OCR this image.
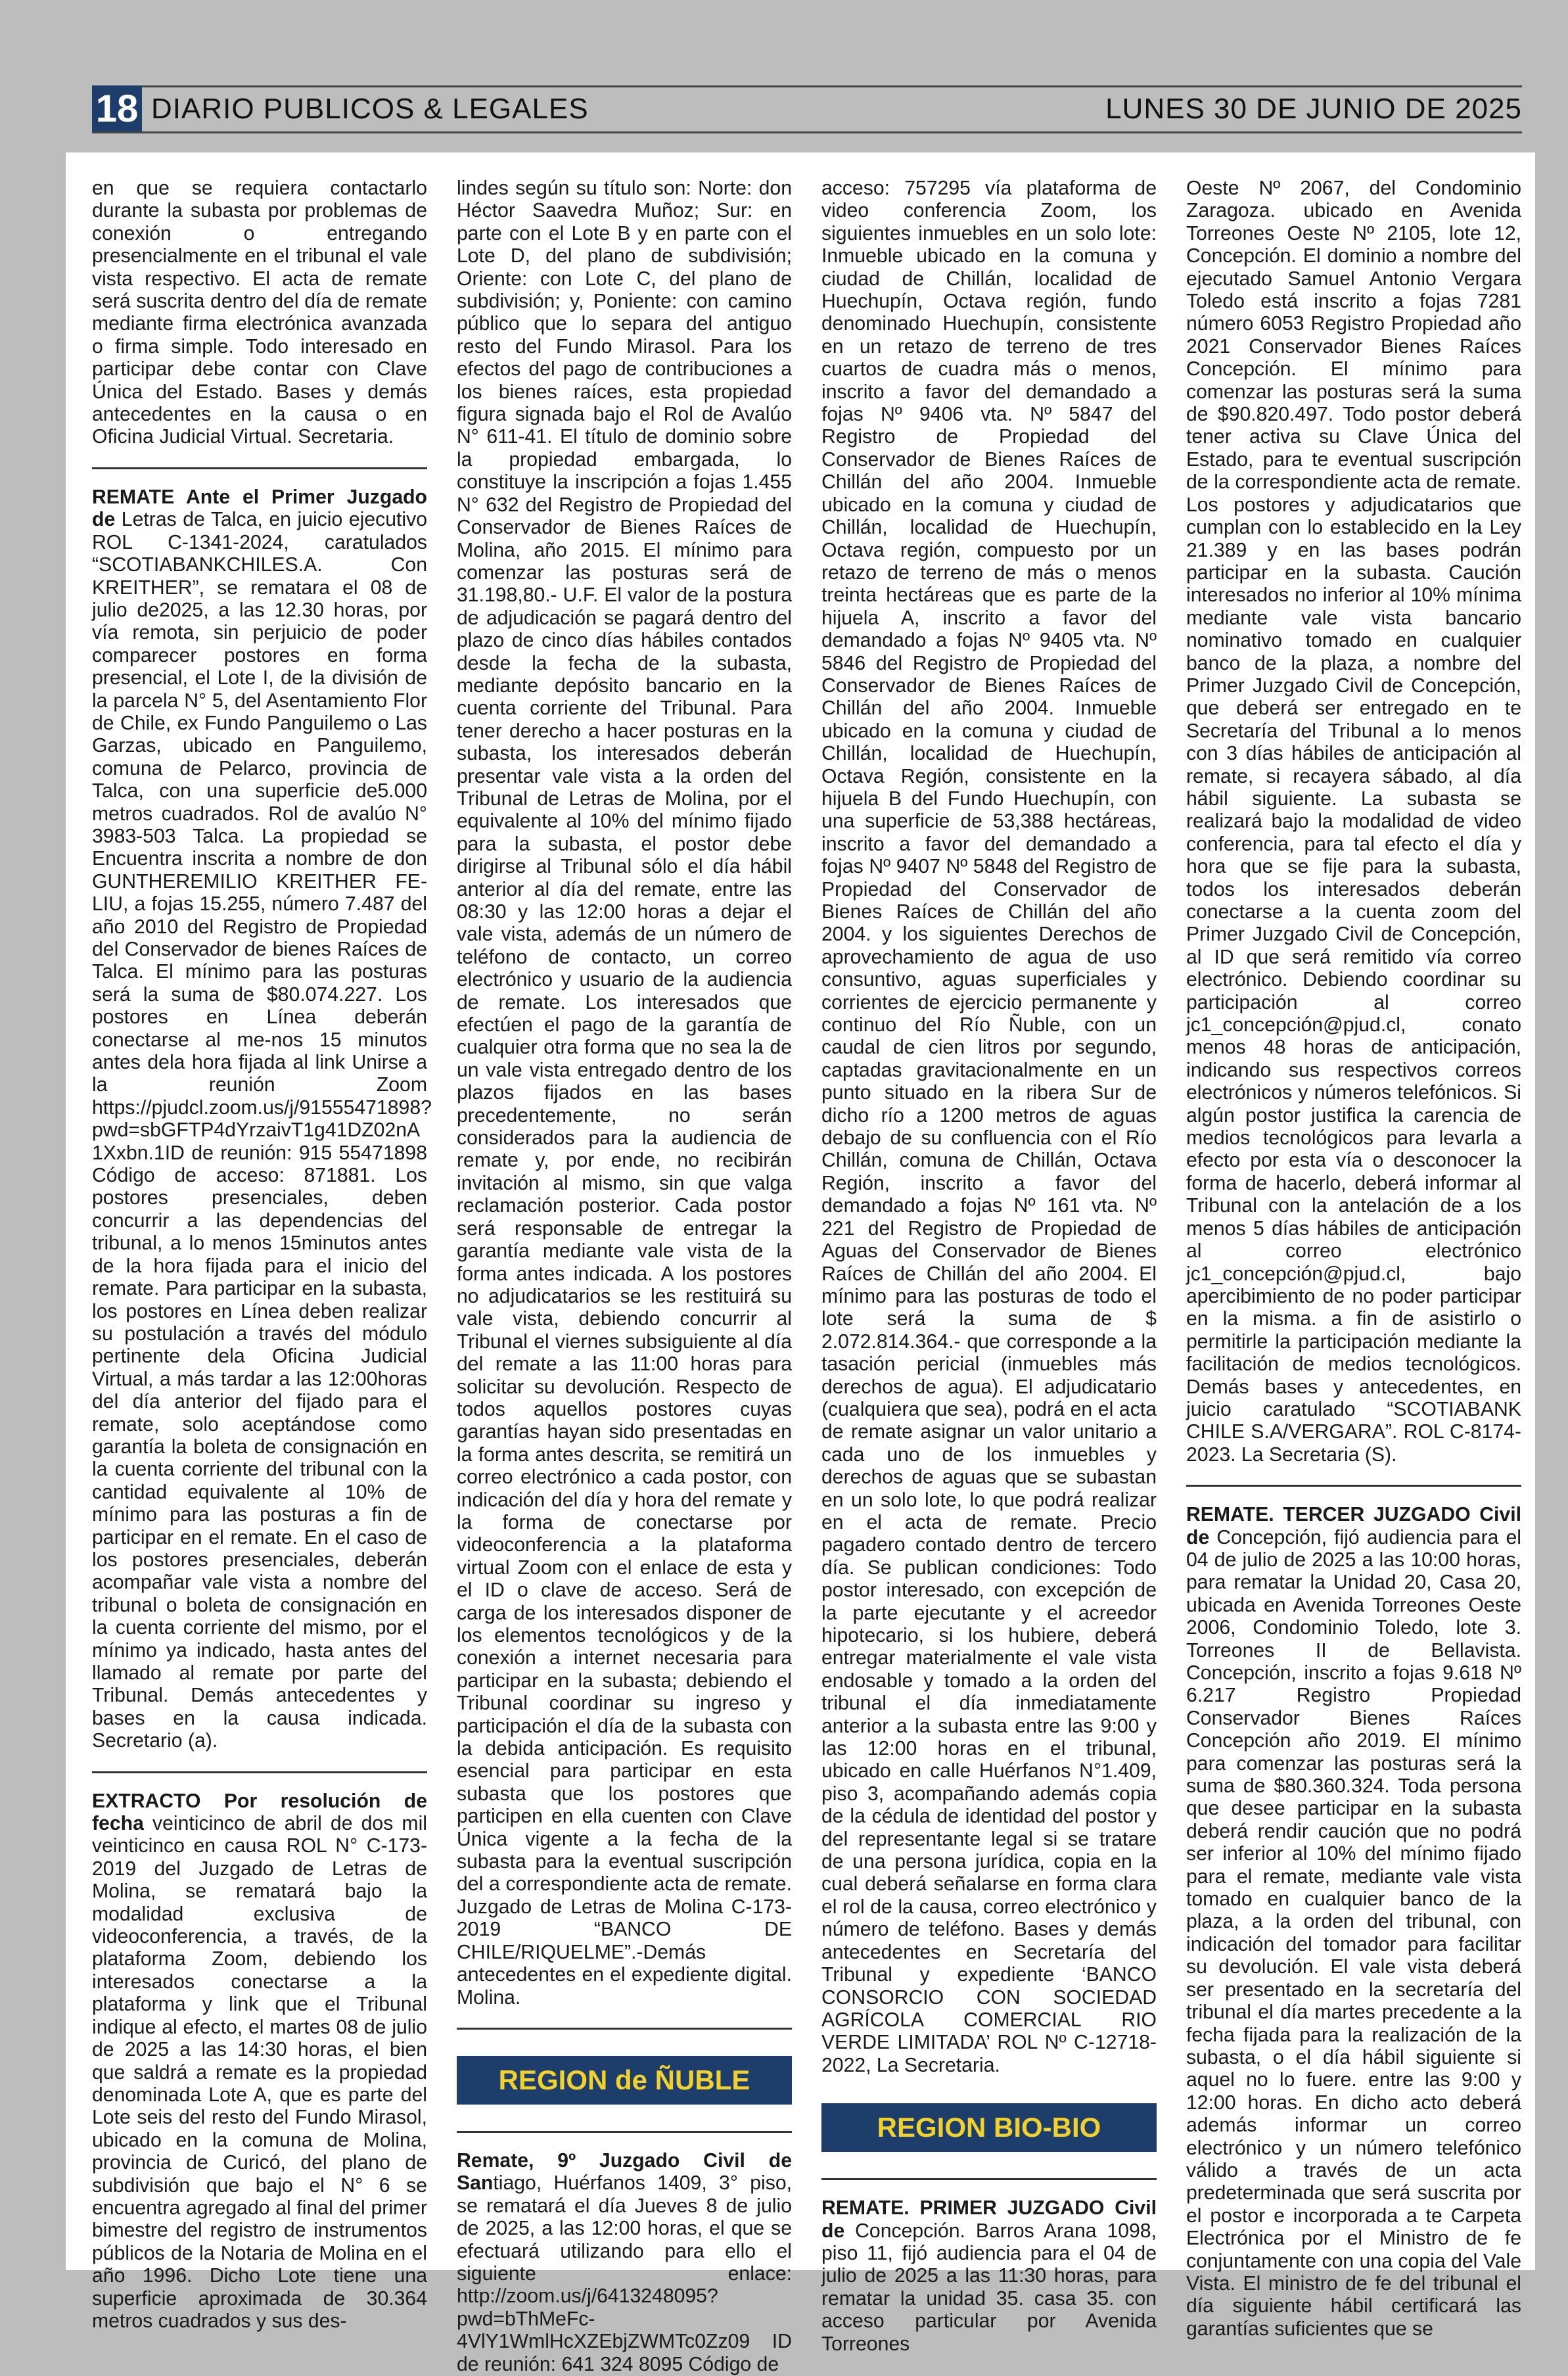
18 DIARIO PUBLICOS & LEGALES	LUNES 30 DE JUNIO DE 2025

en que se requiera contactarlo durante la subasta por problemas de conexión o entregando presencialmente en el tribunal el vale vista respectivo. El acta de remate será suscrita dentro del día de remate mediante firma electrónica avanzada o firma simple. Todo interesado en participar debe contar con Clave Única del Estado. Bases y demás antecedentes en la causa o en Oficina Judicial Virtual. Secretaria.

REMATE Ante el Primer Juzgado de Letras de Talca, en juicio ejecutivo ROL C-1341-2024, caratulados “SCOTIABANKCHILES.A. Con KREITHER”, se rematara el 08 de julio de2025, a las 12.30 horas, por vía remota, sin perjuicio de poder comparecer postores en forma presencial, el Lote I, de la división de la parcela N° 5, del Asentamiento Flor de Chile, ex Fundo Panguilemo o Las Garzas, ubicado en Panguilemo, comuna de Pelarco, provincia de Talca, con una superficie de5.000 metros cuadrados. Rol de avalúo N° 3983-503 Talca. La propiedad se Encuentra inscrita a nombre de don GUNTHEREMILIO KREITHER FE-LIU, a fojas 15.255, número 7.487 del año 2010 del Registro de Propiedad del Conservador de bienes Raíces de Talca. El mínimo para las posturas será la suma de $80.074.227. Los postores en Línea deberán conectarse al me-nos 15 minutos antes dela hora fijada al link Unirse a la reunión Zoom https://pjudcl.zoom.us/j/91555471898?pwd=sbGFTP4dYrzaivT1g41DZ02nA 1Xxbn.1ID de reunión: 915 55471898 Código de acceso: 871881. Los postores presenciales, deben concurrir a las dependencias del tribunal, a lo menos 15minutos antes de la hora fijada para el inicio del remate. Para participar en la subasta, los postores en Línea deben realizar su postulación a través del módulo pertinente dela Oficina Judicial Virtual, a más tardar a las 12:00horas del día anterior del fijado para el remate, solo aceptándose como garantía la boleta de consignación en la cuenta corriente del tribunal con la cantidad equivalente al 10% de mínimo para las posturas a fin de participar en el remate. En el caso de los postores presenciales, deberán acompañar vale vista a nombre del tribunal o boleta de consignación en la cuenta corriente del mismo, por el mínimo ya indicado, hasta antes del llamado al remate por parte del Tribunal. Demás antecedentes y bases en la causa indicada. Secretario (a).

EXTRACTO Por resolución de fecha veinticinco de abril de dos mil veinticinco en causa ROL N° C-173-2019 del Juzgado de Letras de Molina, se rematará bajo la modalidad exclusiva de videoconferencia, a través, de la plataforma Zoom, debiendo los interesados conectarse a la plataforma y link que el Tribunal indique al efecto, el martes 08 de julio de 2025 a las 14:30 horas, el bien que saldrá a remate es la propiedad denominada Lote A, que es parte del Lote seis del resto del Fundo Mirasol, ubicado en la comuna de Molina, provincia de Curicó, del plano de subdivisión que bajo el N° 6 se encuentra agregado al final del primer bimestre del registro de instrumentos públicos de la Notaria de Molina en el año 1996. Dicho Lote tiene una superficie aproximada de 30.364 metros cuadrados y sus des-

lindes según su título son: Norte: don Héctor Saavedra Muñoz; Sur: en parte con el Lote B y en parte con el Lote D, del plano de subdivisión; Oriente: con Lote C, del plano de subdivisión; y, Poniente: con camino público que lo separa del antiguo resto del Fundo Mirasol. Para los efectos del pago de contribuciones a los bienes raíces, esta propiedad figura signada bajo el Rol de Avalúo N° 611-41. El título de dominio sobre la propiedad embargada, lo constituye la inscripción a fojas 1.455 N° 632 del Registro de Propiedad del Conservador de Bienes Raíces de Molina, año 2015. El mínimo para comenzar las posturas será de 31.198,80.- U.F. El valor de la postura de adjudicación se pagará dentro del plazo de cinco días hábiles contados desde la fecha de la subasta, mediante depósito bancario en la cuenta corriente del Tribunal. Para tener derecho a hacer posturas en la subasta, los interesados deberán presentar vale vista a la orden del Tribunal de Letras de Molina, por el equivalente al 10% del mínimo fijado para la subasta, el postor debe dirigirse al Tribunal sólo el día hábil anterior al día del remate, entre las 08:30 y las 12:00 horas a dejar el vale vista, además de un número de teléfono de contacto, un correo electrónico y usuario de la audiencia de remate. Los interesados que efectúen el pago de la garantía de cualquier otra forma que no sea la de un vale vista entregado dentro de los plazos fijados en las bases precedentemente, no serán considerados para la audiencia de remate y, por ende, no recibirán invitación al mismo, sin que valga reclamación posterior. Cada postor será responsable de entregar la garantía mediante vale vista de la forma antes indicada. A los postores no adjudicatarios se les restituirá su vale vista, debiendo concurrir al Tribunal el viernes subsiguiente al día del remate a las 11:00 horas para solicitar su devolución. Respecto de todos aquellos postores cuyas garantías hayan sido presentadas en la forma antes descrita, se remitirá un correo electrónico a cada postor, con indicación del día y hora del remate y la forma de conectarse por videoconferencia a la plataforma virtual Zoom con el enlace de esta y el ID o clave de acceso. Será de carga de los interesados disponer de los elementos tecnológicos y de la conexión a internet necesaria para participar en la subasta; debiendo el Tribunal coordinar su ingreso y participación el día de la subasta con la debida anticipación. Es requisito esencial para participar en esta subasta que los postores que participen en ella cuenten con Clave Única vigente a la fecha de la subasta para la eventual suscripción del a correspondiente acta de remate. Juzgado de Letras de Molina C-173-2019 “BANCO DE CHILE/RIQUELME”.-Demás antecedentes en el expediente digital. Molina.

REGION de ÑUBLE

Remate, 9º Juzgado Civil de Santiago, Huérfanos 1409, 3° piso, se rematará el día Jueves 8 de julio de 2025, a las 12:00 horas, el que se efectuará utilizando para ello el siguiente enlace: http://zoom.us/j/6413248095?pwd=bThMeFc-4VlY1WmlHcXZEbjZWMTc0Zz09 ID de reunión: 641 324 8095 Código de

acceso: 757295 vía plataforma de video conferencia Zoom, los siguientes inmuebles en un solo lote: Inmueble ubicado en la comuna y ciudad de Chillán, localidad de Huechupín, Octava región, fundo denominado Huechupín, consistente en un retazo de terreno de tres cuartos de cuadra más o menos, inscrito a favor del demandado a fojas Nº 9406 vta. Nº 5847 del Registro de Propiedad del Conservador de Bienes Raíces de Chillán del año 2004. Inmueble ubicado en la comuna y ciudad de Chillán, localidad de Huechupín, Octava región, compuesto por un retazo de terreno de más o menos treinta hectáreas que es parte de la hijuela A, inscrito a favor del demandado a fojas Nº 9405 vta. Nº 5846 del Registro de Propiedad del Conservador de Bienes Raíces de Chillán del año 2004. Inmueble ubicado en la comuna y ciudad de Chillán, localidad de Huechupín, Octava Región, consistente en la hijuela B del Fundo Huechupín, con una superficie de 53,388 hectáreas, inscrito a favor del demandado a fojas Nº 9407 Nº 5848 del Registro de Propiedad del Conservador de Bienes Raíces de Chillán del año 2004. y los siguientes Derechos de aprovechamiento de agua de uso consuntivo, aguas superficiales y corrientes de ejercicio permanente y continuo del Río Ñuble, con un caudal de cien litros por segundo, captadas gravitacionalmente en un punto situado en la ribera Sur de dicho río a 1200 metros de aguas debajo de su confluencia con el Río Chillán, comuna de Chillán, Octava Región, inscrito a favor del demandado a fojas Nº 161 vta. Nº 221 del Registro de Propiedad de Aguas del Conservador de Bienes Raíces de Chillán del año 2004. El mínimo para las posturas de todo el lote será la suma de $ 2.072.814.364.- que corresponde a la tasación pericial (inmuebles más derechos de agua). El adjudicatario (cualquiera que sea), podrá en el acta de remate asignar un valor unitario a cada uno de los inmuebles y derechos de aguas que se subastan en un solo lote, lo que podrá realizar en el acta de remate. Precio pagadero contado dentro de tercero día. Se publican condiciones: Todo postor interesado, con excepción de la parte ejecutante y el acreedor hipotecario, si los hubiere, deberá entregar materialmente el vale vista endosable y tomado a la orden del tribunal el día inmediatamente anterior a la subasta entre las 9:00 y las 12:00 horas en el tribunal, ubicado en calle Huérfanos N°1.409, piso 3, acompañando además copia de la cédula de identidad del postor y del representante legal si se tratare de una persona jurídica, copia en la cual deberá señalarse en forma clara el rol de la causa, correo electrónico y número de teléfono. Bases y demás antecedentes en Secretaría del Tribunal y expediente ‘BANCO CONSORCIO CON SOCIEDAD AGRÍCOLA COMERCIAL RIO VERDE LIMITADA’ ROL Nº C-12718-2022, La Secretaria.

REGION BIO-BIO

REMATE. PRIMER JUZGADO Civil de Concepción. Barros Arana 1098, piso 11, fijó audiencia para el 04 de julio de 2025 a las 11:30 horas, para rematar la unidad 35. casa 35. con acceso particular por Avenida Torreones

Oeste Nº 2067, del Condominio Zaragoza. ubicado en Avenida Torreones Oeste Nº 2105, lote 12, Concepción. El dominio a nombre del ejecutado Samuel Antonio Vergara Toledo está inscrito a fojas 7281 número 6053 Registro Propiedad año 2021 Conservador Bienes Raíces Concepción. El mínimo para comenzar las posturas será la suma de $90.820.497. Todo postor deberá tener activa su Clave Única del Estado, para te eventual suscripción de la correspondiente acta de remate. Los postores y adjudicatarios que cumplan con lo establecido en la Ley 21.389 y en las bases podrán participar en la subasta. Caución interesados no inferior al 10% mínima mediante vale vista bancario nominativo tomado en cualquier banco de la plaza, a nombre del Primer Juzgado Civil de Concepción, que deberá ser entregado en te Secretaría del Tribunal a lo menos con 3 días hábiles de anticipación al remate, si recayera sábado, al día hábil siguiente. La subasta se realizará bajo la modalidad de video conferencia, para tal efecto el día y hora que se fije para la subasta, todos los interesados deberán conectarse a la cuenta zoom del Primer Juzgado Civil de Concepción, al ID que será remitido vía correo electrónico. Debiendo coordinar su participación al correo jc1_concepción@pjud.cl, conato menos 48 horas de anticipación, indicando sus respectivos correos electrónicos y números telefónicos. Si algún postor justifica la carencia de medios tecnológicos para levarla a efecto por esta vía o desconocer la forma de hacerlo, deberá informar al Tribunal con la antelación de a los menos 5 días hábiles de anticipación al correo electrónico jc1_concepción@pjud.cl, bajo apercibimiento de no poder participar en la misma. a fin de asistirlo o permitirle la participación mediante la facilitación de medios tecnológicos. Demás bases y antecedentes, en juicio caratulado “SCOTIABANK CHILE S.A/VERGARA”. ROL C-8174-2023. La Secretaria (S).

REMATE. TERCER JUZGADO Civil de Concepción, fijó audiencia para el 04 de julio de 2025 a las 10:00 horas, para rematar la Unidad 20, Casa 20, ubicada en Avenida Torreones Oeste 2006, Condominio Toledo, lote 3. Torreones II de Bellavista. Concepción, inscrito a fojas 9.618 Nº 6.217 Registro Propiedad Conservador Bienes Raíces Concepción año 2019. El mínimo para comenzar las posturas será la suma de $80.360.324. Toda persona que desee participar en la subasta deberá rendir caución que no podrá ser inferior al 10% del mínimo fijado para el remate, mediante vale vista tomado en cualquier banco de la plaza, a la orden del tribunal, con indicación del tomador para facilitar su devolución. El vale vista deberá ser presentado en la secretaría del tribunal el día martes precedente a la fecha fijada para la realización de la subasta, o el día hábil siguiente si aquel no lo fuere. entre las 9:00 y 12:00 horas. En dicho acto deberá además informar un correo electrónico y un número telefónico válido a través de un acta predeterminada que será suscrita por el postor e incorporada a te Carpeta Electrónica por el Ministro de fe conjuntamente con una copia del Vale Vista. El ministro de fe del tribunal el día siguiente hábil certificará las garantías suficientes que se
